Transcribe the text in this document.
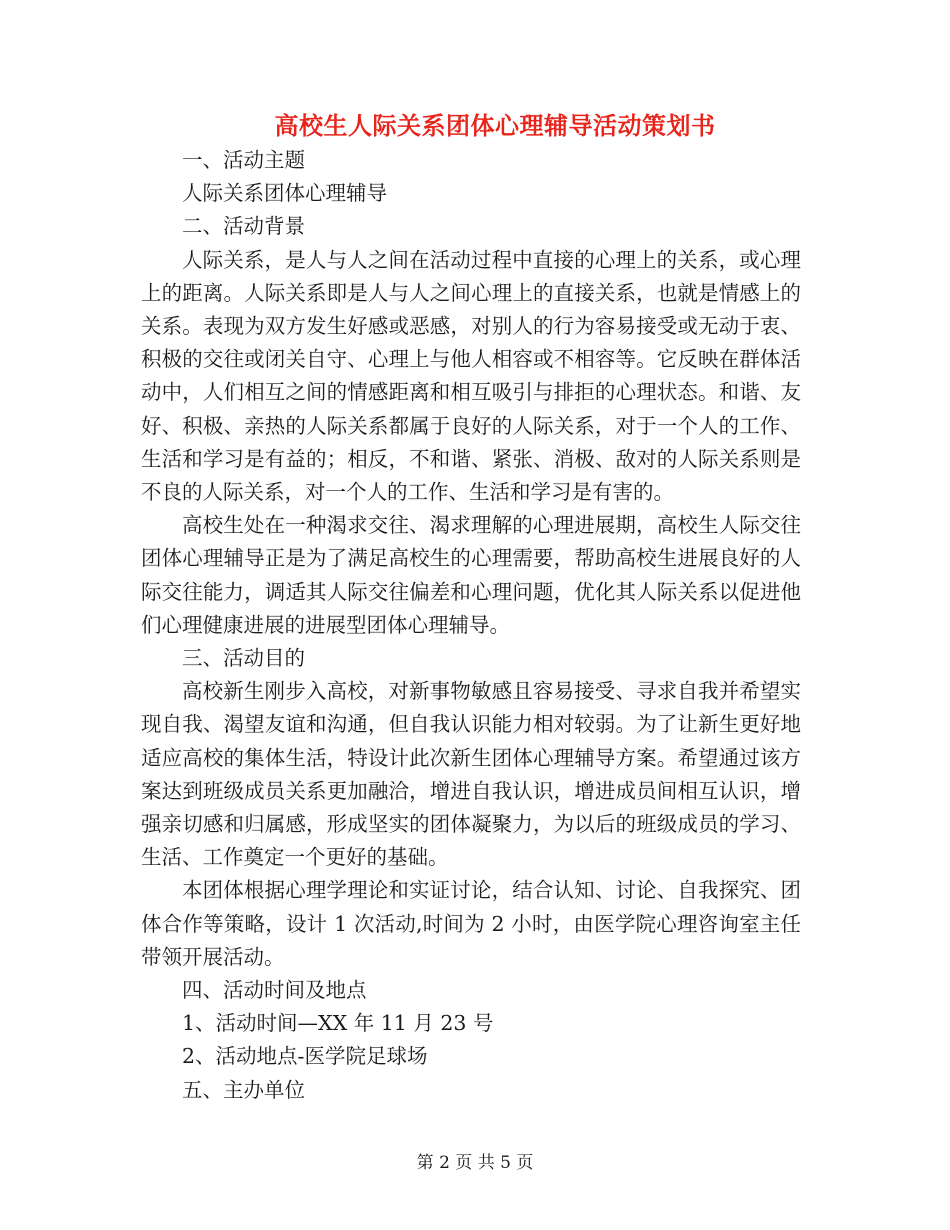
高校生人际关系团体心理辅导活动策划书

一、活动主题

人际关系团体心理辅导

二、活动背景

人际关系，是人与人之间在活动过程中直接的心理上的关系，或心理上的距离。人际关系即是人与人之间心理上的直接关系，也就是情感上的关系。表现为双方发生好感或恶感，对别人的行为容易接受或无动于衷、积极的交往或闭关自守、心理上与他人相容或不相容等。它反映在群体活动中，人们相互之间的情感距离和相互吸引与排拒的心理状态。和谐、友好、积极、亲热的人际关系都属于良好的人际关系，对于一个人的工作、生活和学习是有益的；相反，不和谐、紧张、消极、敌对的人际关系则是不良的人际关系，对一个人的工作、生活和学习是有害的。

高校生处在一种渴求交往、渴求理解的心理进展期，高校生人际交往团体心理辅导正是为了满足高校生的心理需要，帮助高校生进展良好的人际交往能力，调适其人际交往偏差和心理问题，优化其人际关系以促进他们心理健康进展的进展型团体心理辅导。

三、活动目的

高校新生刚步入高校，对新事物敏感且容易接受、寻求自我并希望实现自我、渴望友谊和沟通，但自我认识能力相对较弱。为了让新生更好地适应高校的集体生活，特设计此次新生团体心理辅导方案。希望通过该方案达到班级成员关系更加融洽，增进自我认识，增进成员间相互认识，增强亲切感和归属感，形成坚实的团体凝聚力，为以后的班级成员的学习、生活、工作奠定一个更好的基础。

本团体根据心理学理论和实证讨论，结合认知、讨论、自我探究、团体合作等策略，设计 1 次活动,时间为 2 小时，由医学院心理咨询室主任带领开展活动。

四、活动时间及地点

1、活动时间—XX 年 11 月 23 号

2、活动地点-医学院足球场

五、主办单位

第 2 页 共 5 页
